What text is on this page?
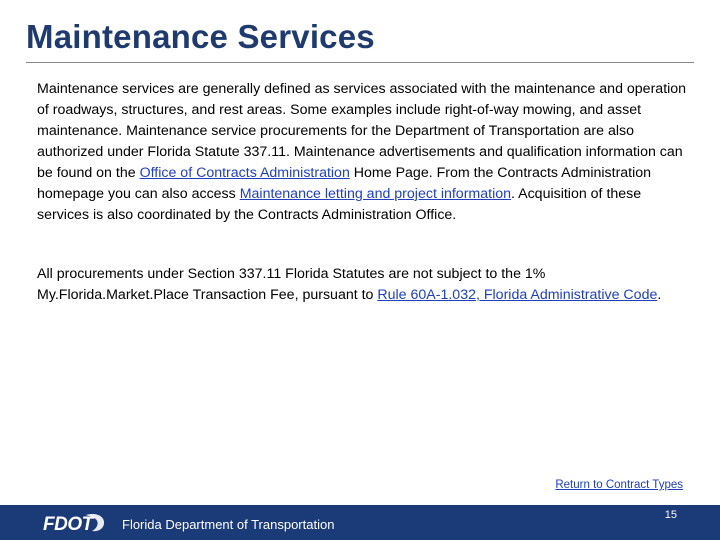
Maintenance Services
Maintenance services are generally defined as services associated with the maintenance and operation of roadways, structures, and rest areas. Some examples include right-of-way mowing, and asset maintenance. Maintenance service procurements for the Department of Transportation are also authorized under Florida Statute 337.11. Maintenance advertisements and qualification information can be found on the Office of Contracts Administration Home Page. From the Contracts Administration homepage you can also access Maintenance letting and project information. Acquisition of these services is also coordinated by the Contracts Administration Office.
All procurements under Section 337.11 Florida Statutes are not subject to the 1% My.Florida.Market.Place Transaction Fee, pursuant to Rule 60A-1.032, Florida Administrative Code.
Return to Contract Types
FDOT Florida Department of Transportation
15
